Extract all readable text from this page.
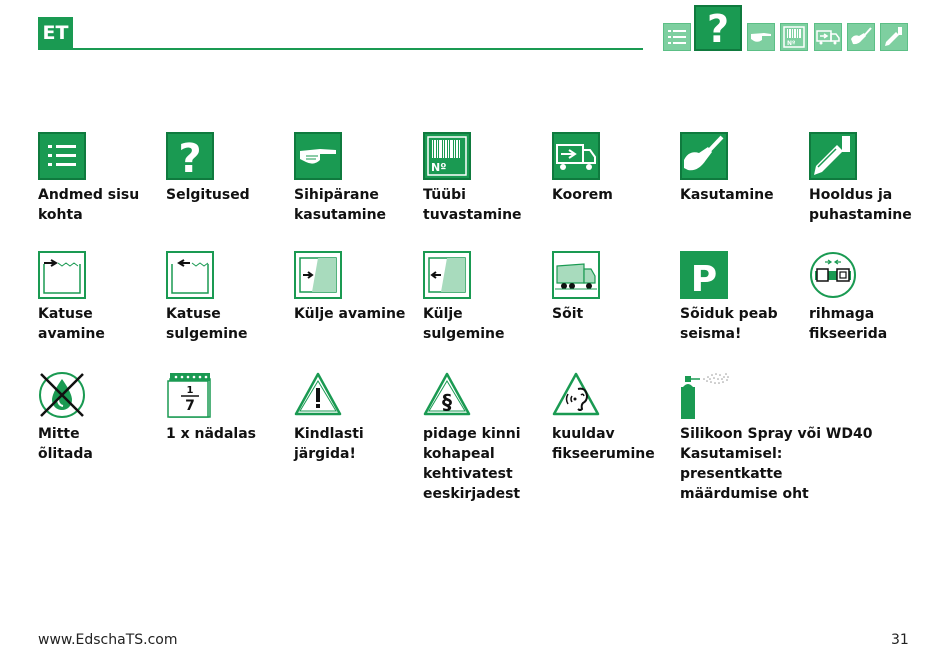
ET	?	Nº
Andmed sisu
kohta
?
Selgitused	Sihipärane
kasutamine
Nº
Tüübi
tuvastamine
Koorem	Kasutamine	Hooldus ja
puhastamine
Katuse
avamine
Katuse
sulgemine
Külje avamine Külje
sulgemine
Sõit
P
Sõiduk peab
seisma!
rihmaga
fikseerida
Mitte
õlitada
1
7
1 x nädalas	Kindlasti
järgida!
§
pidage kinni
kohapeal
kehtivatest
eeskirjadest
kuuldav
fikseerumine
Silikoon Spray või WD40
Kasutamisel: presentkatte
määrdumise oht
www.EdschaTS.com	31
